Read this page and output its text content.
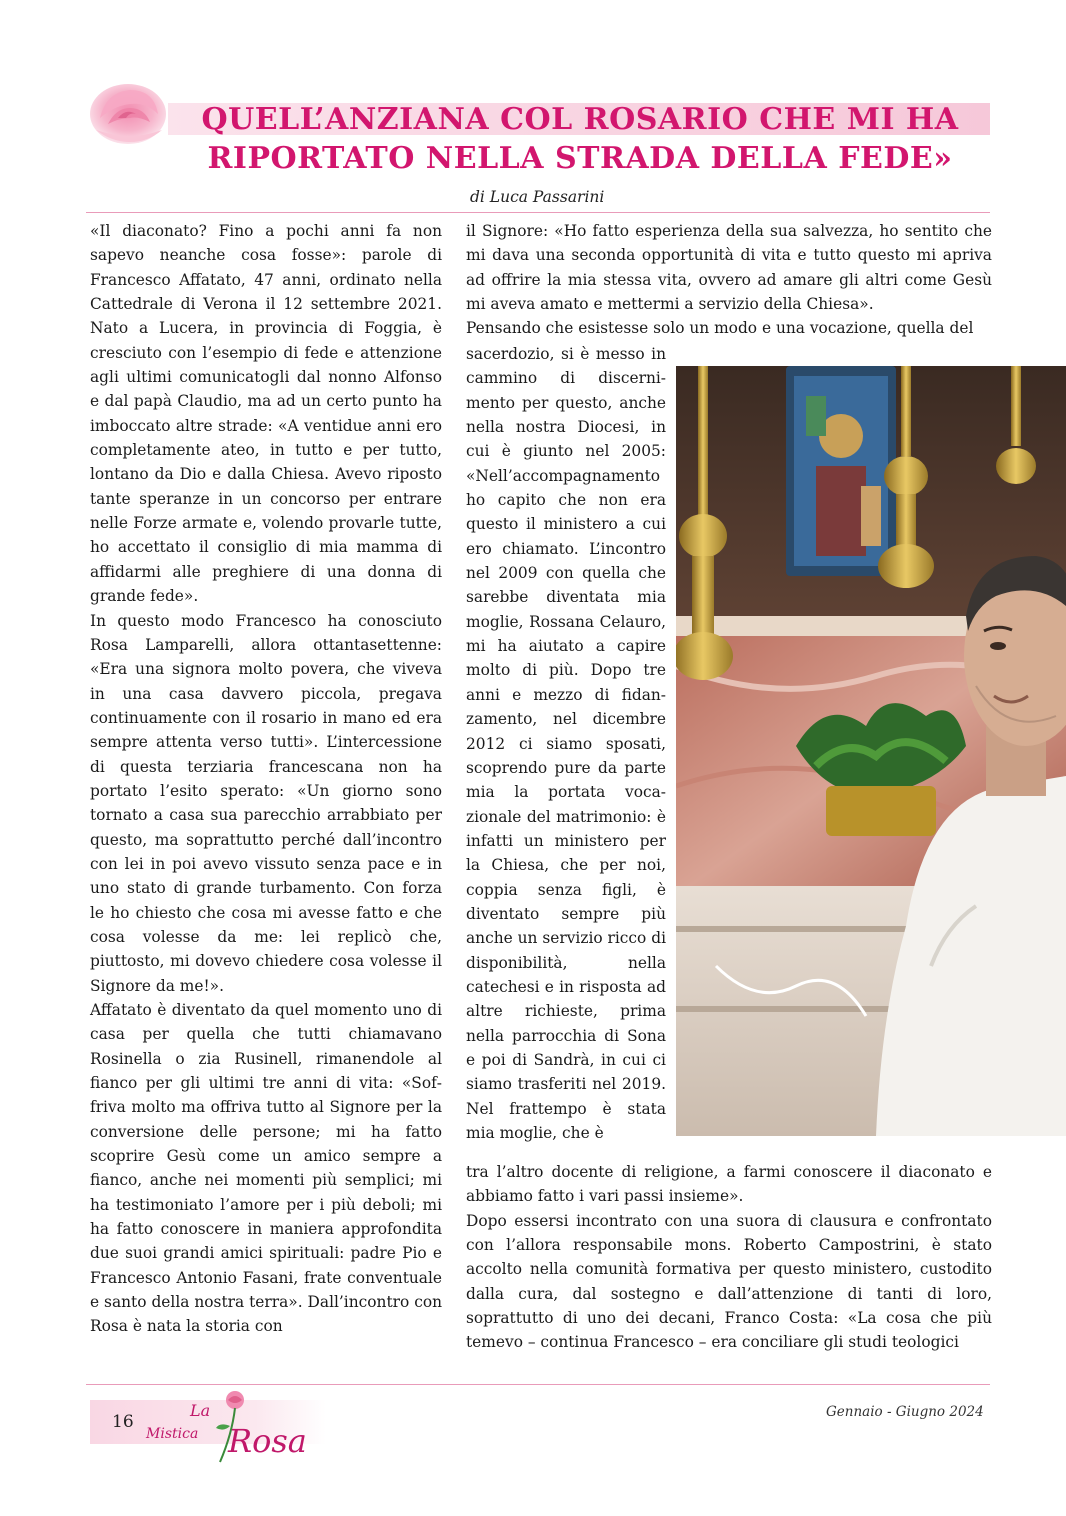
QUELL’ANZIANA COL ROSARIO CHE MI HA
RIPORTATO NELLA STRADA DELLA FEDE»

di Luca Passarini

«Il diaconato? Fino a pochi anni fa non sapevo neanche cosa fosse»: parole di Francesco Affatato, 47 anni, ordinato nella Cattedrale di Verona il 12 settembre 2021. Nato a Lucera, in provincia di Foggia, è cresciuto con l’esempio di fede e attenzione agli ultimi comunicatogli dal nonno Alfonso e dal papà Claudio, ma ad un certo punto ha imboccato altre strade: «A ventidue anni ero completamente ateo, in tutto e per tutto, lontano da Dio e dalla Chiesa. Avevo riposto tante speranze in un concorso per entrare nelle Forze armate e, volendo provarle tutte, ho accettato il consiglio di mia mamma di affidarmi alle preghiere di una donna di grande fede».

In questo modo Francesco ha conosciuto Rosa Lamparelli, allora ottantasettenne: «Era una signora molto povera, che viveva in una casa davvero piccola, pregava continuamente con il rosario in mano ed era sempre attenta verso tutti». L’intercessione di questa terziaria francescana non ha portato l’esito sperato: «Un giorno sono tornato a casa sua parecchio arrabbiato per questo, ma soprattutto perché dall’incontro con lei in poi avevo vissuto senza pace e in uno stato di grande turbamento. Con forza le ho chiesto che cosa mi avesse fatto e che cosa volesse da me: lei replicò che, piuttosto, mi dovevo chiedere cosa volesse il Signore da me!».

Affatato è diventato da quel momento uno di casa per quella che tutti chiamavano Rosinella o zia Rusinell, rimanendole al fianco per gli ultimi tre anni di vita: «Soffriva molto ma offriva tutto al Signore per la conversione delle persone; mi ha fatto scoprire Gesù come un amico sempre a fianco, anche nei momenti più semplici; mi ha testimoniato l’amore per i più deboli; mi ha fatto conoscere in maniera approfondita due suoi grandi amici spirituali: padre Pio e Francesco Antonio Fasani, frate conventuale e santo della nostra terra». Dall’incontro con Rosa è nata la storia con

il Signore: «Ho fatto esperienza della sua salvezza, ho sentito che mi dava una seconda opportunità di vita e tutto questo mi apriva ad offrire la mia stessa vita, ovvero ad amare gli altri come Gesù mi aveva amato e mettermi a servizio della Chiesa».

Pensando che esistesse solo un modo e una vocazione, quella del

sacerdozio, si è messo in cammino di discernimento per questo, anche nella nostra Diocesi, in cui è giunto nel 2005: «Nell’accompagnamento ho capito che non era questo il ministero a cui ero chiamato. L’incontro nel 2009 con quella che sarebbe diventata mia moglie, Rossana Celauro, mi ha aiutato a capire molto di più. Dopo tre anni e mezzo di fidanzamento, nel dicembre 2012 ci siamo sposati, scoprendo pure da parte mia la portata vocazionale del matrimonio: è infatti un ministero per la Chiesa, che per noi, coppia senza figli, è diventato sempre più anche un servizio ricco di disponibilità, nella catechesi e in risposta ad altre richieste, prima nella parrocchia di Sona e poi di Sandrà, in cui ci siamo trasferiti nel 2019. Nel frattempo è stata mia moglie, che è

tra l’altro docente di religione, a farmi conoscere il diaconato e abbiamo fatto i vari passi insieme».

Dopo essersi incontrato con una suora di clausura e confrontato con l’allora responsabile mons. Roberto Campostrini, è stato accolto nella comunità formativa per questo ministero, custodito dalla cura, dal sostegno e dall’attenzione di tanti di loro, soprattutto di uno dei decani, Franco Costa: «La cosa che più temevo – continua Francesco – era conciliare gli studi teologici

16

La
Mistica Rosa

Gennaio - Giugno 2024
